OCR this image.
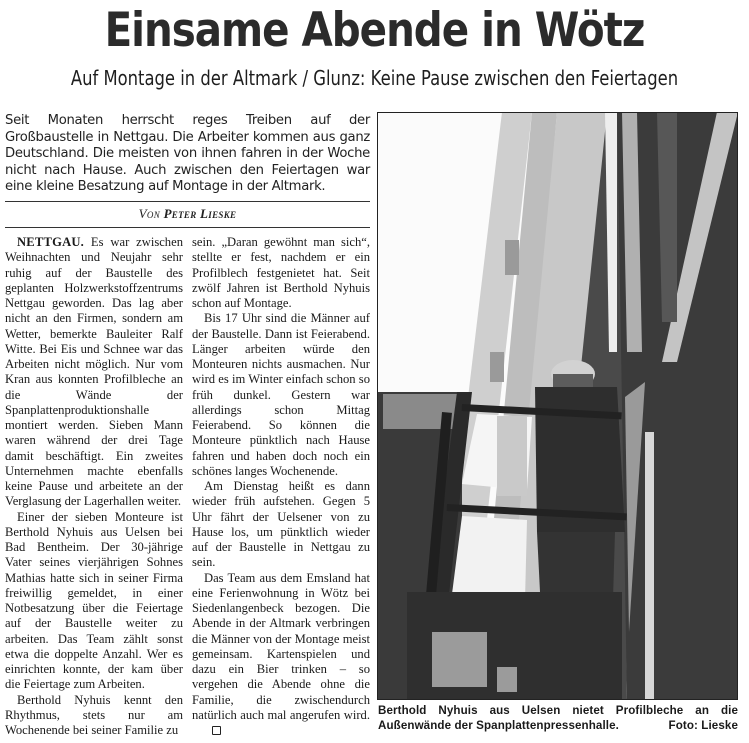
Einsame Abende in Wötz
Auf Montage in der Altmark / Glunz: Keine Pause zwischen den Feiertagen
Seit Monaten herrscht reges Treiben auf der Großbaustelle in Nettgau. Die Arbeiter kommen aus ganz Deutschland. Die meisten von ihnen fahren in der Woche nicht nach Hause. Auch zwischen den Feiertagen war eine kleine Besatzung auf Montage in der Altmark.
Von Peter Lieske

NETTGAU. Es war zwischen Weihnachten und Neujahr sehr ruhig auf der Baustelle des geplanten Holzwerkstoffzentrums Nettgau geworden. Das lag aber nicht an den Firmen, sondern am Wetter, bemerkte Bauleiter Ralf Witte. Bei Eis und Schnee war das Arbeiten nicht möglich. Nur vom Kran aus konnten Profilbleche an die Wände der Spanplattenproduktionshalle montiert werden. Sieben Mann waren während der drei Tage damit beschäftigt. Ein zweites Unternehmen machte ebenfalls keine Pause und arbeitete an der Verglasung der Lagerhallen weiter.

Einer der sieben Monteure ist Berthold Nyhuis aus Uelsen bei Bad Bentheim. Der 30-jährige Vater seines vierjährigen Sohnes Mathias hatte sich in seiner Firma freiwillig gemeldet, in einer Notbesatzung über die Feiertage auf der Baustelle weiter zu arbeiten. Das Team zählt sonst etwa die doppelte Anzahl. Wer es einrichten konnte, der kam über die Feiertage zum Arbeiten.

Berthold Nyhuis kennt den Rhythmus, stets nur am Wochenende bei seiner Familie zu

sein. „Daran gewöhnt man sich“, stellte er fest, nachdem er ein Profilblech festgenietet hat. Seit zwölf Jahren ist Berthold Nyhuis schon auf Montage.

Bis 17 Uhr sind die Männer auf der Baustelle. Dann ist Feierabend. Länger arbeiten würde den Monteuren nichts ausmachen. Nur wird es im Winter einfach schon so früh dunkel. Gestern war allerdings schon Mittag Feierabend. So können die Monteure pünktlich nach Hause fahren und haben doch noch ein schönes langes Wochenende.

Am Dienstag heißt es dann wieder früh aufstehen. Gegen 5 Uhr fährt der Uelsener von zu Hause los, um pünktlich wieder auf der Baustelle in Nettgau zu sein.

Das Team aus dem Emsland hat eine Ferienwohnung in Wötz bei Siedenlangenbeck bezogen. Die Abende in der Altmark verbringen die Männer von der Montage meist gemeinsam. Kartenspielen und dazu ein Bier trinken – so vergehen die Abende ohne die Familie, die zwischendurch natürlich auch mal angerufen wird. Berthold Nyhuis aus Uelsen nietet Profilbleche an die Außenwände der Spanplattenpressenhalle.	Foto: Lieske
